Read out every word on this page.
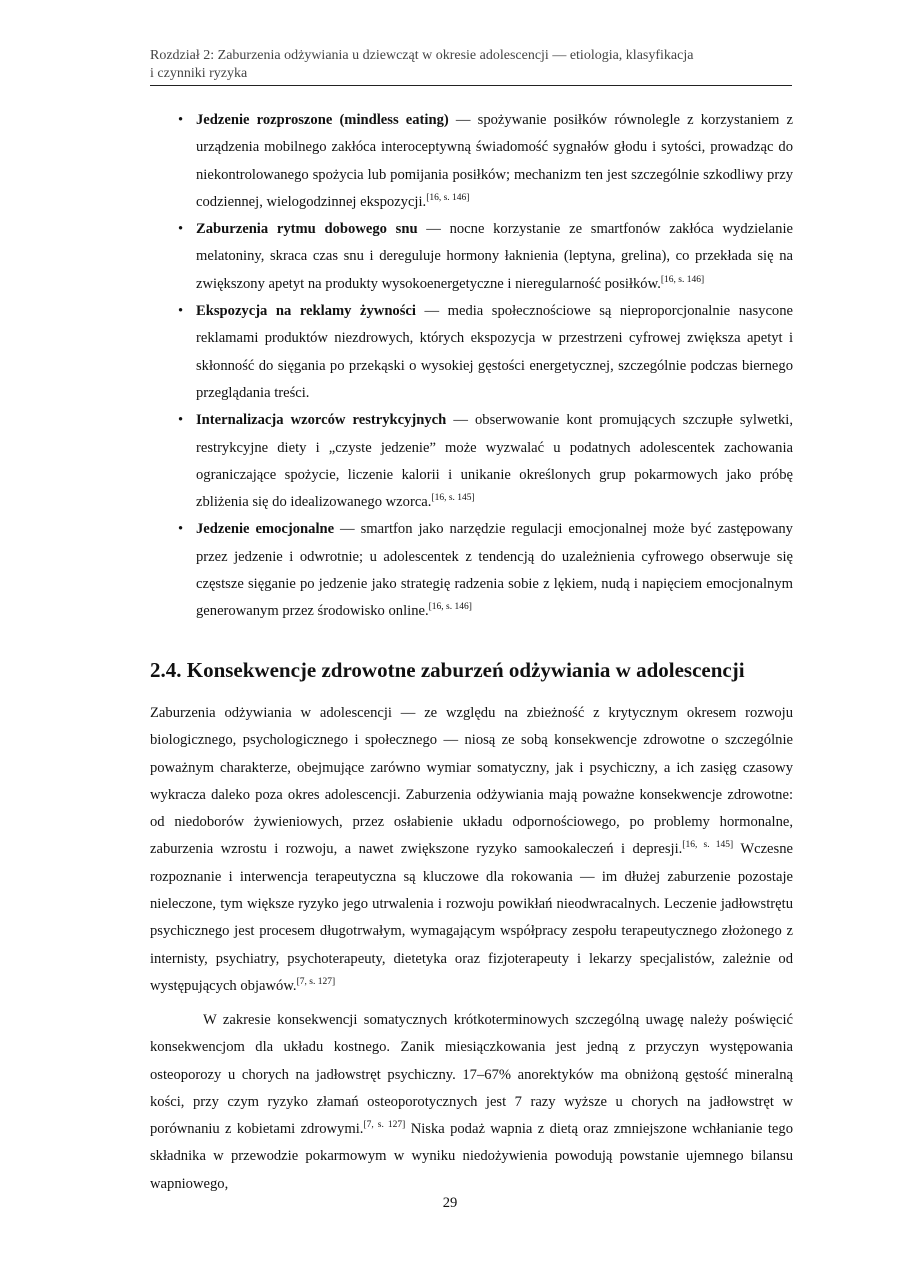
Rozdział 2: Zaburzenia odżywiania u dziewcząt w okresie adolescencji — etiologia, klasyfikacja
i czynniki ryzyka
• Jedzenie rozproszone (mindless eating) — spożywanie posiłków równolegle z korzystaniem z urządzenia mobilnego zakłóca interoceptywną świadomość sygnałów głodu i sytości, prowadząc do niekontrolowanego spożycia lub pomijania posiłków; mechanizm ten jest szczególnie szkodliwy przy codziennej, wielogodzinnej ekspozycji.[16, s. 146]
• Zaburzenia rytmu dobowego snu — nocne korzystanie ze smartfonów zakłóca wydzielanie melatoniny, skraca czas snu i dereguluje hormony łaknienia (leptyna, grelina), co przekłada się na zwiększony apetyt na produkty wysokoenergetyczne i nieregularność posiłków.[16, s. 146]
• Ekspozycja na reklamy żywności — media społecznościowe są nieproporcjonalnie nasycone reklamami produktów niezdrowych, których ekspozycja w przestrzeni cyfrowej zwiększa apetyt i skłonność do sięgania po przekąski o wysokiej gęstości energetycznej, szczególnie podczas biernego przeglądania treści.
• Internalizacja wzorców restrykcyjnych — obserwowanie kont promujących szczupłe sylwetki, restrykcyjne diety i „czyste jedzenie” może wyzwalać u podatnych adolescentek zachowania ograniczające spożycie, liczenie kalorii i unikanie określonych grup pokarmowych jako próbę zbliżenia się do idealizowanego wzorca.[16, s. 145]
• Jedzenie emocjonalne — smartfon jako narzędzie regulacji emocjonalnej może być zastępowany przez jedzenie i odwrotnie; u adolescentek z tendencją do uzależnienia cyfrowego obserwuje się częstsze sięganie po jedzenie jako strategię radzenia sobie z lękiem, nudą i napięciem emocjonalnym generowanym przez środowisko online.[16, s. 146]
2.4. Konsekwencje zdrowotne zaburzeń odżywiania w adolescencji

Zaburzenia odżywiania w adolescencji — ze względu na zbieżność z krytycznym okresem rozwoju biologicznego, psychologicznego i społecznego — niosą ze sobą konsekwencje zdrowotne o szczególnie poważnym charakterze, obejmujące zarówno wymiar somatyczny, jak i psychiczny, a ich zasięg czasowy wykracza daleko poza okres adolescencji. Zaburzenia odżywiania mają poważne konsekwencje zdrowotne: od niedoborów żywieniowych, przez osłabienie układu odpornościowego, po problemy hormonalne, zaburzenia wzrostu i rozwoju, a nawet zwiększone ryzyko samookaleczeń i depresji.[16, s. 145] Wczesne rozpoznanie i interwencja terapeutyczna są kluczowe dla rokowania — im dłużej zaburzenie pozostaje nieleczone, tym większe ryzyko jego utrwalenia i rozwoju powikłań nieodwracalnych. Leczenie jadłowstrętu psychicznego jest procesem długotrwałym, wymagającym współpracy zespołu terapeutycznego złożonego z internisty, psychiatry, psychoterapeuty, dietetyka oraz fizjoterapeuty i lekarzy specjalistów, zależnie od występujących objawów.[7, s. 127]

W zakresie konsekwencji somatycznych krótkoterminowych szczególną uwagę należy poświęcić konsekwencjom dla układu kostnego. Zanik miesiączkowania jest jedną z przyczyn występowania osteoporozy u chorych na jadłowstręt psychiczny. 17–67% anorektyków ma obniżoną gęstość mineralną kości, przy czym ryzyko złamań osteoporotycznych jest 7 razy wyższe u chorych na jadłowstręt w porównaniu z kobietami zdrowymi.[7, s. 127] Niska podaż wapnia z dietą oraz zmniejszone wchłanianie tego składnika w przewodzie pokarmowym w wyniku niedożywienia powodują powstanie ujemnego bilansu wapniowego,

29
